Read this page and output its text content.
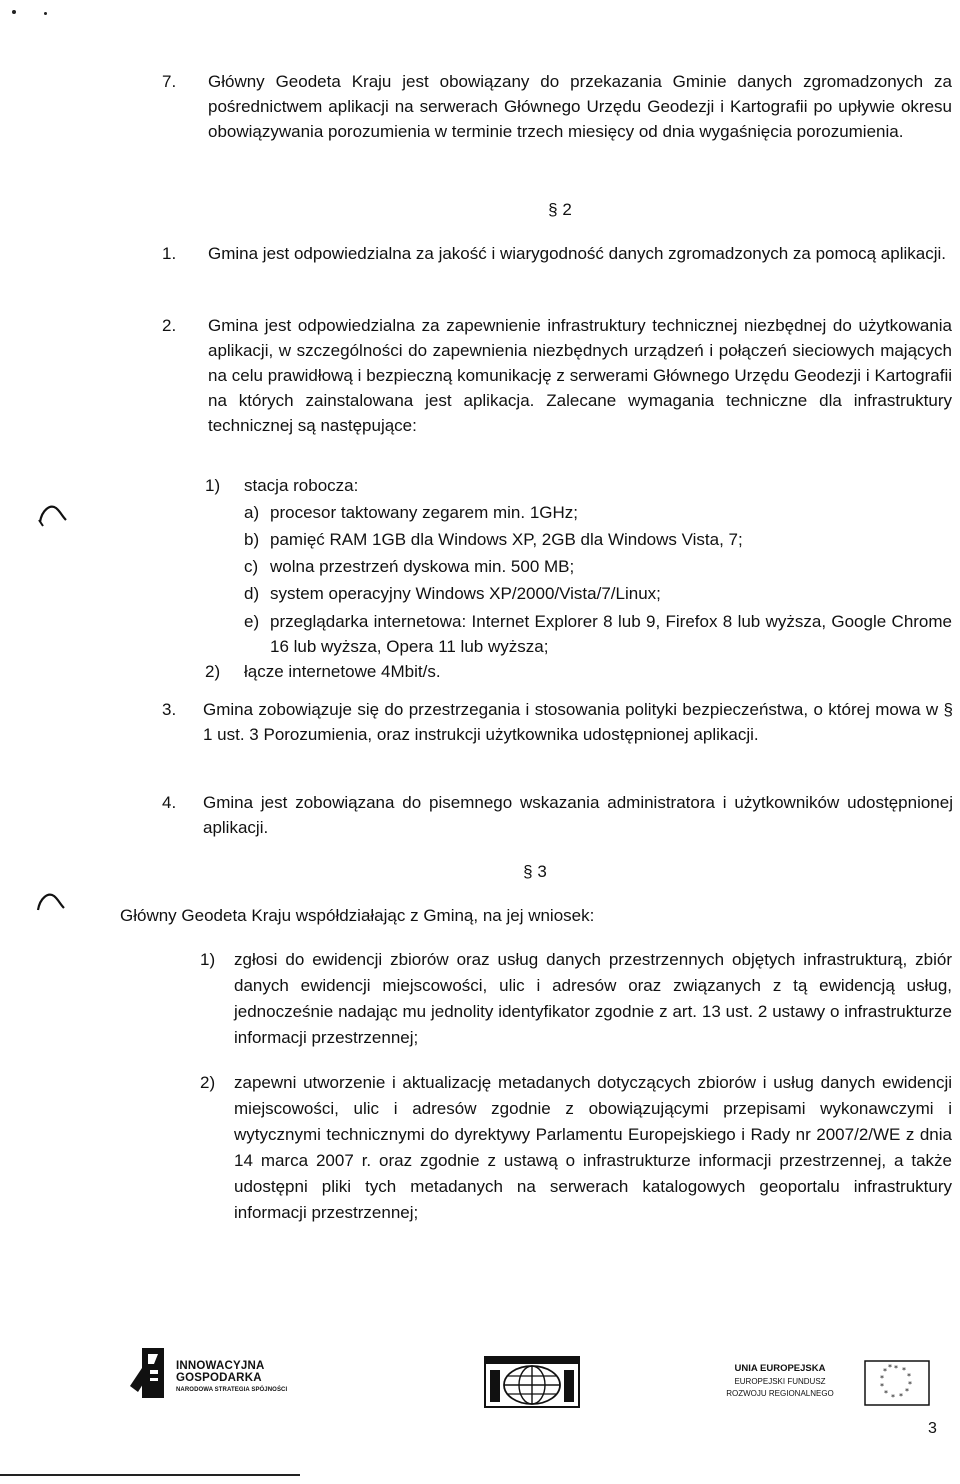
7. Główny Geodeta Kraju jest obowiązany do przekazania Gminie danych zgromadzonych za pośrednictwem aplikacji na serwerach Głównego Urzędu Geodezji i Kartografii po upływie okresu obowiązywania porozumienia w terminie trzech miesięcy od dnia wygaśnięcia porozumienia.
§ 2
1. Gmina jest odpowiedzialna za jakość i wiarygodność danych zgromadzonych za pomocą aplikacji.
2. Gmina jest odpowiedzialna za zapewnienie infrastruktury technicznej niezbędnej do użytkowania aplikacji, w szczególności do zapewnienia niezbędnych urządzeń i połączeń sieciowych mających na celu prawidłową i bezpieczną komunikację z serwerami Głównego Urzędu Geodezji i Kartografii na których zainstalowana jest aplikacja. Zalecane wymagania techniczne dla infrastruktury technicznej są następujące:
1) stacja robocza:
a) procesor taktowany zegarem min. 1GHz;
b) pamięć RAM 1GB dla Windows XP, 2GB dla Windows Vista, 7;
c) wolna przestrzeń dyskowa min. 500 MB;
d) system operacyjny Windows XP/2000/Vista/7/Linux;
e) przeglądarka internetowa: Internet Explorer 8 lub 9, Firefox 8 lub wyższa, Google Chrome 16 lub wyższa, Opera 11 lub wyższa;
2) łącze internetowe 4Mbit/s.
3. Gmina zobowiązuje się do przestrzegania i stosowania polityki bezpieczeństwa, o której mowa w § 1 ust. 3 Porozumienia, oraz instrukcji użytkownika udostępnionej aplikacji.
4. Gmina jest zobowiązana do pisemnego wskazania administratora i użytkowników udostępnionej aplikacji.
§ 3
Główny Geodeta Kraju współdziałając z Gminą, na jej wniosek:
1) zgłosi do ewidencji zbiorów oraz usług danych przestrzennych objętych infrastrukturą, zbiór danych ewidencji miejscowości, ulic i adresów oraz związanych z tą ewidencją usług, jednocześnie nadając mu jednolity identyfikator zgodnie z art. 13 ust. 2 ustawy o infrastrukturze informacji przestrzennej;
2) zapewni utworzenie i aktualizację metadanych dotyczących zbiorów i usług danych ewidencji miejscowości, ulic i adresów zgodnie z obowiązującymi przepisami wykonawczymi i wytycznymi technicznymi do dyrektywy Parlamentu Europejskiego i Rady nr 2007/2/WE z dnia 14 marca 2007 r. oraz zgodnie z ustawą o infrastrukturze informacji przestrzennej, a także udostępni pliki tych metadanych na serwerach katalogowych geoportalu infrastruktury informacji przestrzennej;
INNOWACYJNA
GOSPODARKA
NARODOWA STRATEGIA SPÓJNOŚCI
UNIA EUROPEJSKA
EUROPEJSKI FUNDUSZ
ROZWOJU REGIONALNEGO
* *
*
*
*
*
*
*
*
*
* *
3
